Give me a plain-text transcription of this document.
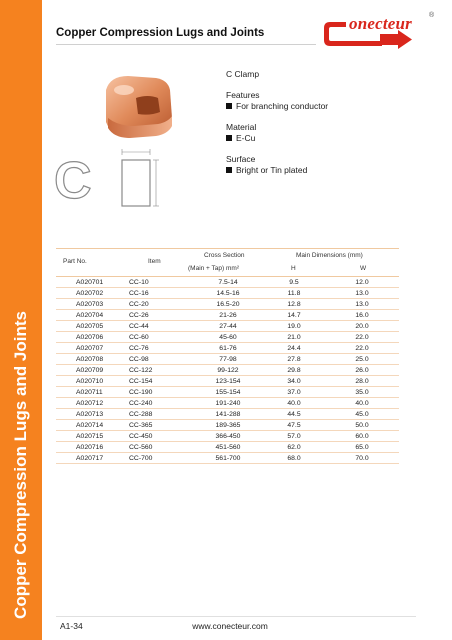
Copper Compression Lugs and Joints
Copper Compression Lugs and Joints	onecteur ®
C
C Clamp
Features
For branching conductor
Material
E-Cu
Surface
Bright or Tin plated
Part No.	Item
Cross Section
(Main + Tap) mm²
Main Dimensions (mm)
H	W
A020701	CC-10	7.5-14	9.5	12.0
A020702	CC-16	14.5-16	11.8	13.0
A020703	CC-20	16.5-20	12.8	13.0
A020704	CC-26	21-26	14.7	16.0
A020705	CC-44	27-44	19.0	20.0
A020706	CC-60	45-60	21.0	22.0
A020707	CC-76	61-76	24.4	22.0
A020708	CC-98	77-98	27.8	25.0
A020709	CC-122	99-122	29.8	26.0
A020710	CC-154	123-154	34.0	28.0
A020711	CC-190	155-154	37.0	35.0
A020712	CC-240	191-240	40.0	40.0
A020713	CC-288	141-288	44.5	45.0
A020714	CC-365	189-365	47.5	50.0
A020715	CC-450	366-450	57.0	60.0
A020716	CC-560	451-560	62.0	65.0
A020717	CC-700	561-700	68.0	70.0
A1-34	www.conecteur.com
